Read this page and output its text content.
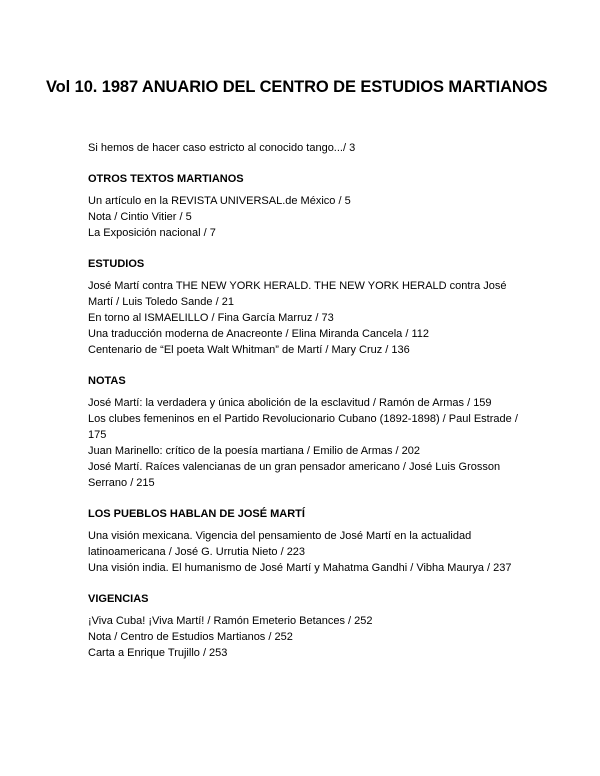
Vol 10. 1987 ANUARIO DEL CENTRO DE ESTUDIOS MARTIANOS

Si hemos de hacer caso estricto al conocido tango.../ 3

OTROS TEXTOS MARTIANOS
Un artículo en la REVISTA UNIVERSAL.de México / 5
Nota / Cintio Vitier / 5
La Exposición nacional / 7
ESTUDIOS
José Martí contra THE NEW YORK HERALD. THE NEW YORK HERALD contra José Martí / Luis Toledo Sande / 21
En torno al ISMAELILLO / Fina García Marruz / 73
Una traducción moderna de Anacreonte / Elina Miranda Cancela / 112
Centenario de “El poeta Walt Whitman” de Martí / Mary Cruz / 136
NOTAS
José Martí: la verdadera y única abolición de la esclavitud / Ramón de Armas / 159
Los clubes femeninos en el Partido Revolucionario Cubano (1892-1898) / Paul Estrade / 175
Juan Marinello: crítico de la poesía martiana / Emilio de Armas / 202
José Martí. Raíces valencianas de un gran pensador americano / José Luis Grosson Serrano / 215
LOS PUEBLOS HABLAN DE JOSÉ MARTÍ
Una visión mexicana. Vigencia del pensamiento de José Martí en la actualidad latinoamericana / José G. Urrutia Nieto / 223
Una visión india. El humanismo de José Martí y Mahatma Gandhi / Vibha Maurya / 237
VIGENCIAS
¡Viva Cuba! ¡Viva Martí! / Ramón Emeterio Betances / 252
Nota / Centro de Estudios Martianos / 252
Carta a Enrique Trujillo / 253
